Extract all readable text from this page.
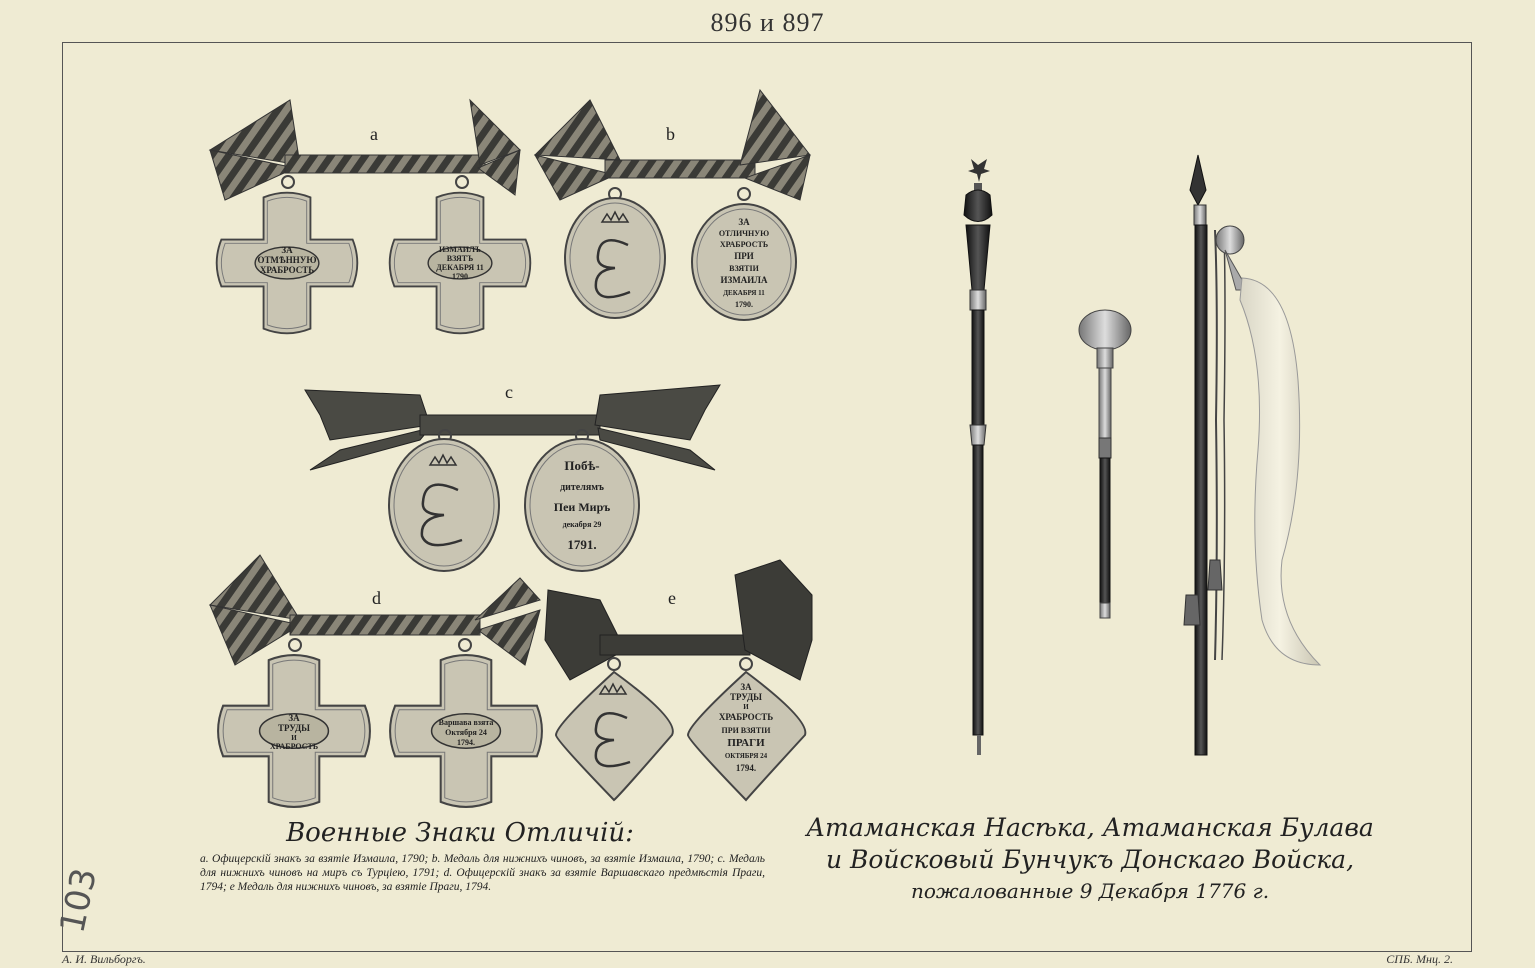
896 и 897
ЗА
ОТМѢННУЮ
ХРАБРОСТЬ
ИЗМАИЛЪ
ВЗЯТЪ
ДЕКАБРЯ 11
1790
ЗА
ОТЛИЧНУЮ
ХРАБРОСТЬ
ПРИ
ВЗЯТІИ
ИЗМАИЛА
ДЕКАБРЯ 11
1790.
Побѣ-
дителямъ
Пеи Миръ
декабря 29
1791.
ЗА
ТРУДЫ
И
ХРАБРОСТЬ
Варшава взята
Октября 24
1794.
ЗА
ТРУДЫ
И
ХРАБРОСТЬ
ПРИ ВЗЯТІИ
ПРАГИ
ОКТЯБРЯ 24
1794.
a	b
c
d	e
Военные Знаки Отличій:
a. Офицерскій знакъ за взятіе Измаила, 1790; b. Медаль для нижнихъ чиновъ, за взятіе Измаила, 1790; c. Медаль для нижнихъ чиновъ на миръ съ Турціею, 1791; d. Офицерскій знакъ за взятіе Варшавскаго предмѣстія Праги, 1794; e Медаль для нижнихъ чиновъ, за взятіе Праги, 1794.
Атаманская Насѣка, Атаманская Булава
и Войсковый Бунчукъ Донскаго Войска,
пожалованные 9 Декабря 1776 г.
103
А. И. Вильборгъ.	СПБ. Мнц. 2.
